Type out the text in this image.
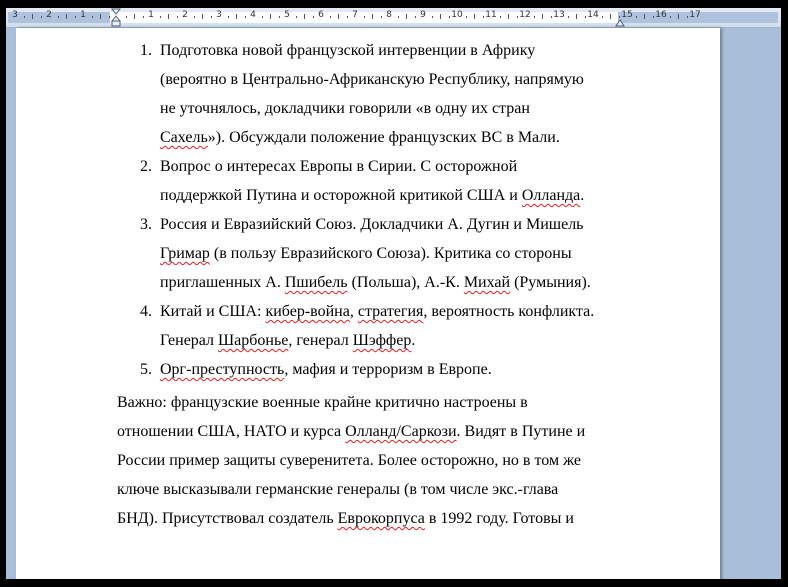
3	2	1	1	2	3	4	5	6	7	8	9	10	11	12	13	14	15	16	17
1. Подготовка новой французской интервенции в Африку
(вероятно в Центрально-Африканскую Республику, напрямую
не уточнялось, докладчики говорили «в одну их стран
Сахель»). Обсуждали положение французских ВС в Мали.
2. Вопрос о интересах Европы в Сирии. С осторожной
поддержкой Путина и осторожной критикой США и Олланда.
3. Россия и Евразийский Союз. Докладчики А. Дугин и Мишель
Гримар (в пользу Евразийского Союза). Критика со стороны
приглашенных А. Пшибель (Польша), А.-К. Михай (Румыния).
4. Китай и США: кибер-война, стратегия, вероятность конфликта.
Генерал Шарбонье, генерал Шэффер.
5. Орг-преступность, мафия и терроризм в Европе.
Важно: французские военные крайне критично настроены в
отношении США, НАТО и курса Олланд/Саркози. Видят в Путине и
России пример защиты суверенитета. Более осторожно, но в том же
ключе высказывали германские генералы (в том числе экс.-глава
БНД). Присутствовал создатель Еврокорпуса в 1992 году. Готовы и
